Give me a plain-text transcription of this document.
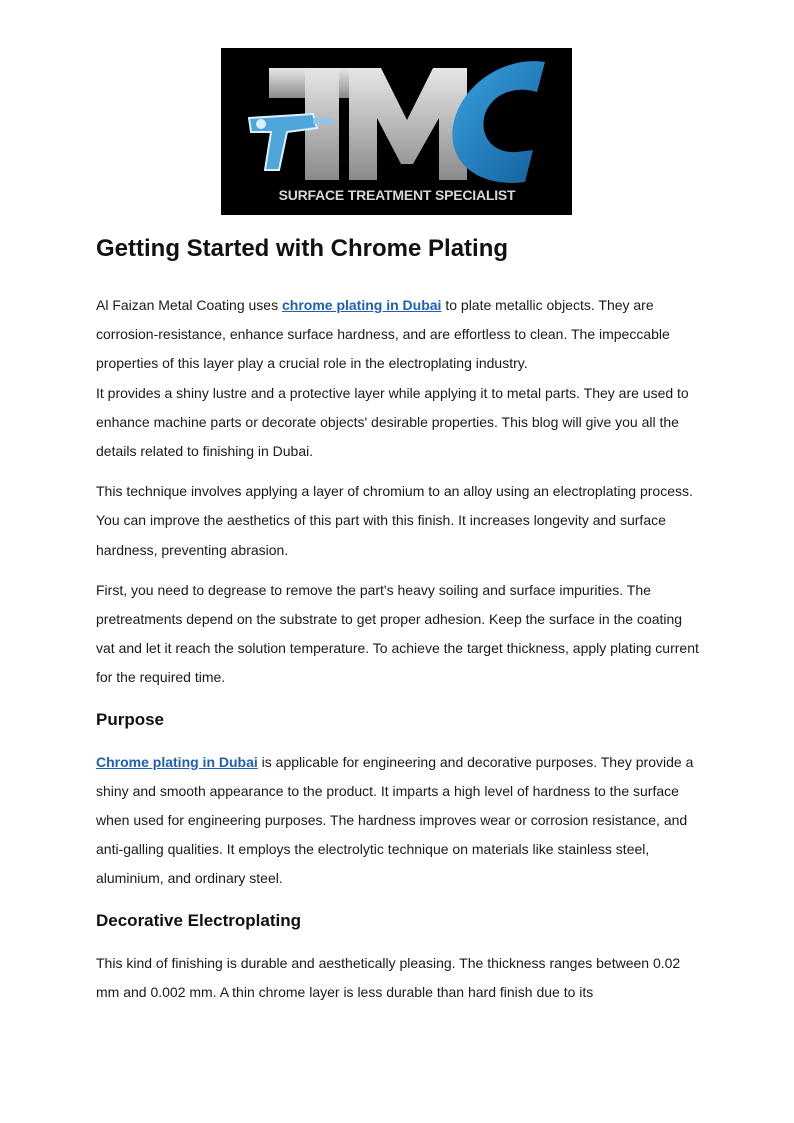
SURFACE TREATMENT SPECIALIST
Getting Started with Chrome Plating

Al Faizan Metal Coating uses chrome plating in Dubai to plate metallic objects. They are corrosion-resistance, enhance surface hardness, and are effortless to clean. The impeccable properties of this layer play a crucial role in the electroplating industry.

It provides a shiny lustre and a protective layer while applying it to metal parts. They are used to enhance machine parts or decorate objects' desirable properties. This blog will give you all the details related to finishing in Dubai.

This technique involves applying a layer of chromium to an alloy using an electroplating process. You can improve the aesthetics of this part with this finish. It increases longevity and surface hardness, preventing abrasion.

First, you need to degrease to remove the part's heavy soiling and surface impurities. The pretreatments depend on the substrate to get proper adhesion. Keep the surface in the coating vat and let it reach the solution temperature. To achieve the target thickness, apply plating current for the required time.

Purpose

Chrome plating in Dubai is applicable for engineering and decorative purposes. They provide a shiny and smooth appearance to the product. It imparts a high level of hardness to the surface when used for engineering purposes. The hardness improves wear or corrosion resistance, and anti-galling qualities. It employs the electrolytic technique on materials like stainless steel, aluminium, and ordinary steel.

Decorative Electroplating

This kind of finishing is durable and aesthetically pleasing. The thickness ranges between 0.02 mm and 0.002 mm. A thin chrome layer is less durable than hard finish due to its
